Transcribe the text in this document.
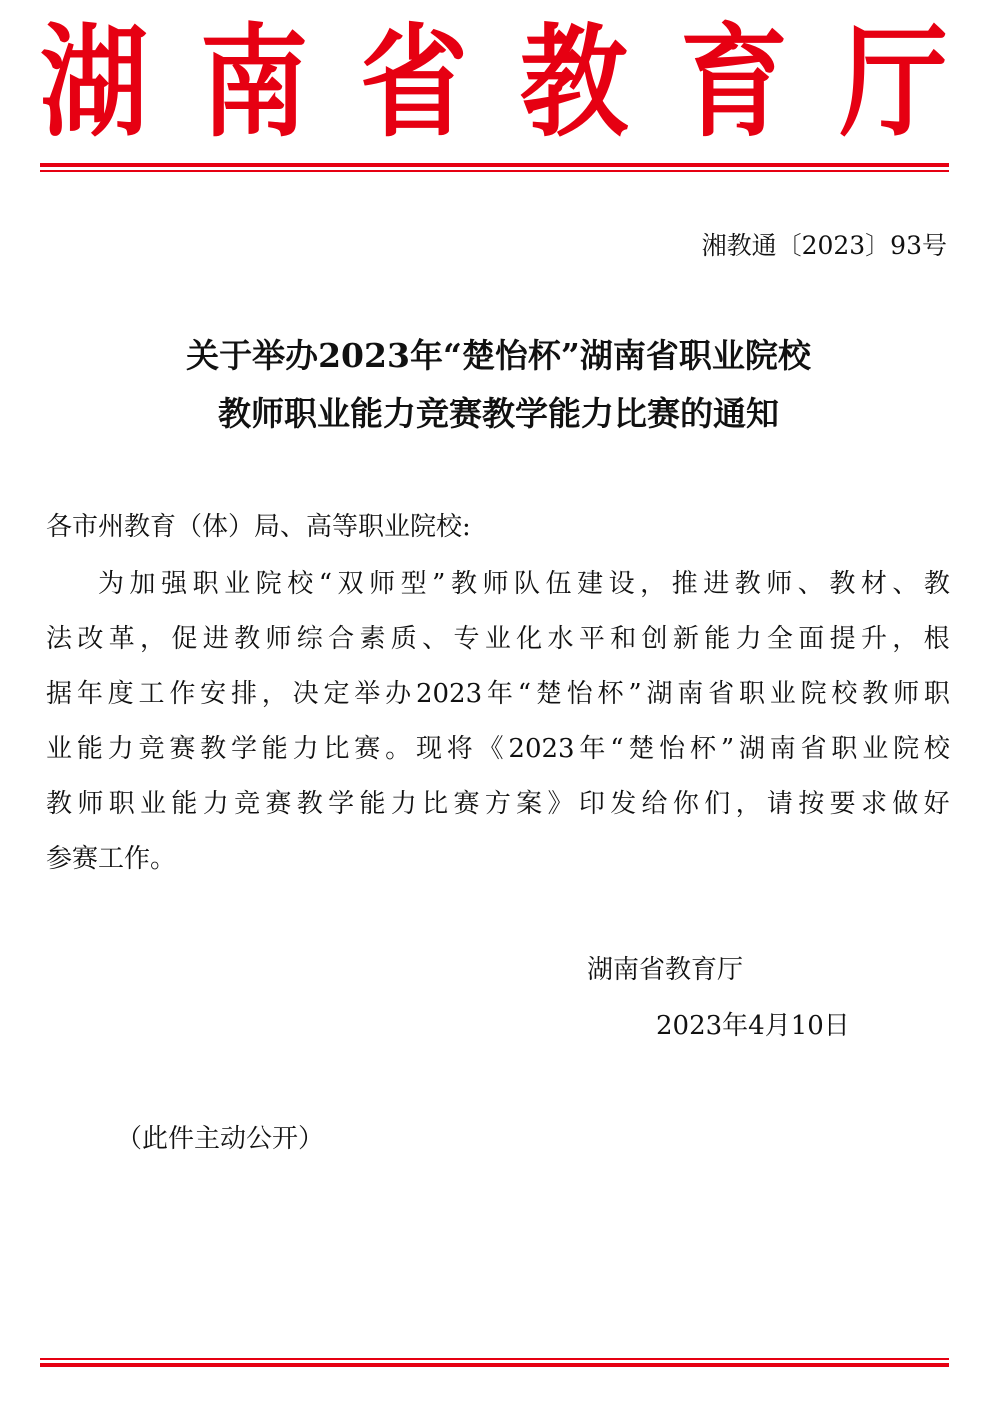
湖 南 省 教 育 厅
湘教通〔2023〕93号
关于举办2023年“楚怡杯”湖南省职业院校
教师职业能力竞赛教学能力比赛的通知
各市州教育（体）局、高等职业院校:
为 加 强 职 业 院 校 “ 双 师 型 ” 教 师 队 伍 建 设 ， 推 进 教 师 、 教 材 、 教
法 改 革 ， 促 进 教 师 综 合 素 质 、 专 业 化 水 平 和 创 新 能 力 全 面 提 升 ， 根
据 年 度 工 作 安 排 ， 决 定 举 办 2023 年 “ 楚 怡 杯 ” 湖 南 省 职 业 院 校 教 师 职
业 能 力 竞 赛 教 学 能 力 比 赛 。 现 将 《 2023 年 “ 楚 怡 杯 ” 湖 南 省 职 业 院 校
教 师 职 业 能 力 竞 赛 教 学 能 力 比 赛 方 案 》 印 发 给 你 们 ， 请 按 要 求 做 好
参赛工作。
湖南省教育厅
2023年4月10日
（此件主动公开）
